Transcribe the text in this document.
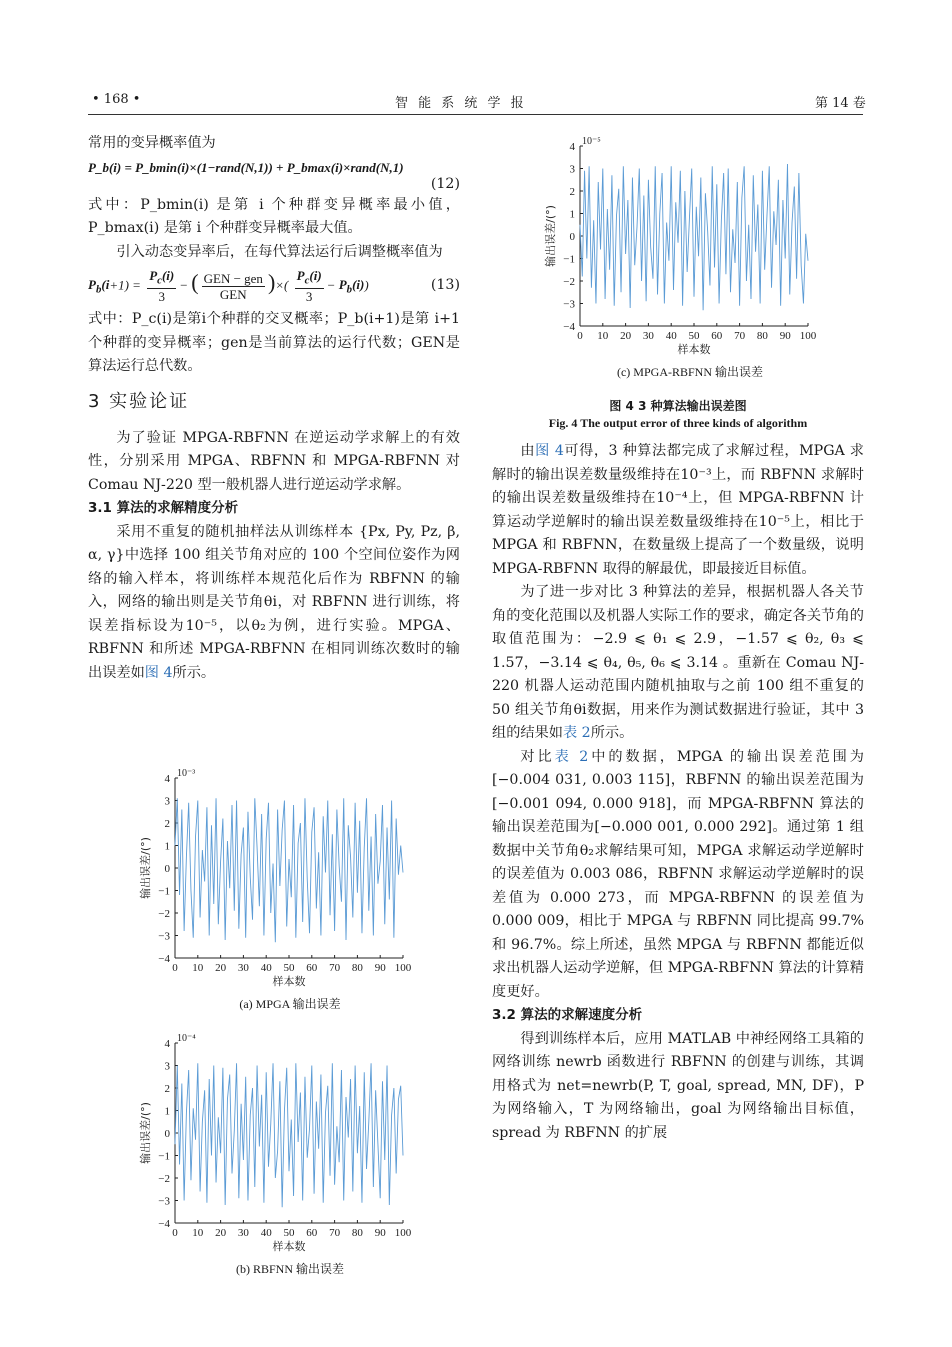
• 168 •	智 能 系 统 学 报	第 14 卷
常用的变异概率值为
P_b(i) = P_bmin(i)×(1−rand(N,1)) + P_bmax(i)×rand(N,1)
(12)
式中：P_bmin(i) 是第 i 个种群变异概率最小值，P_bmax(i) 是第 i 个种群变异概率最大值。
引入动态变异率后，在每代算法运行后调整概率值为
$P_b(i+1) = \frac{P_c(i)}{3}$ − ( $\frac{\text{GEN − gen}}{\text{GEN}}$ )×( $\frac{P_c(i)}{3} - P_b(i)$)	(13)
式中：P_c(i)是第i个种群的交叉概率；P_b(i+1)是第 i+1个种群的变异概率；gen是当前算法的运行代数；GEN是算法运行总代数。
3 实验论证
为了验证 MPGA-RBFNN 在逆运动学求解上的有效性，分别采用 MPGA、RBFNN 和 MPGA-RBFNN 对 Comau NJ-220 型一般机器人进行逆运动学求解。
3.1 算法的求解精度分析
采用不重复的随机抽样法从训练样本 {Px, Py, Pz, β, α, γ}中选择 100 组关节角对应的 100 个空间位姿作为网络的输入样本，将训练样本规范化后作为 RBFNN 的输入，网络的输出则是关节角θi，对 RBFNN 进行训练，将误差指标设为10⁻⁵，以θ₂为例，进行实验。MPGA、RBFNN 和所述 MPGA-RBFNN 在相同训练次数时的输出误差如图 4所示。
4
3
2
1
0
−1
−2
−3
−4
0 10 20 30 40 50 60 70 80 90 100
10⁻³
样本数
输出误差/(°)
(a) MPGA 输出误差
4
3
2
1
0
−1
−2
−3
−4
0 10 20 30 40 50 60 70 80 90 100
10⁻⁴
样本数
输出误差/(°)
(b) RBFNN 输出误差
4
3
2
1
0
−1
−2
−3
−4
0 10 20 30 40 50 60 70 80 90 100
10⁻⁵
样本数
输出误差/(°)
(c) MPGA-RBFNN 输出误差
图 4 3 种算法输出误差图
Fig. 4 The output error of three kinds of algorithm
由图 4可得，3 种算法都完成了求解过程，MPGA 求解时的输出误差数量级维持在10⁻³上，而 RBFNN 求解时的输出误差数量级维持在10⁻⁴上，但 MPGA-RBFNN 计算运动学逆解时的输出误差数量级维持在10⁻⁵上，相比于 MPGA 和 RBFNN，在数量级上提高了一个数量级，说明 MPGA-RBFNN 取得的解最优，即最接近目标值。
为了进一步对比 3 种算法的差异，根据机器人各关节角的变化范围以及机器人实际工作的要求，确定各关节角的取值范围为：−2.9 ⩽ θ₁ ⩽ 2.9，−1.57 ⩽ θ₂, θ₃ ⩽ 1.57，−3.14 ⩽ θ₄, θ₅, θ₆ ⩽ 3.14 。重新在 Comau NJ-220 机器人运动范围内随机抽取与之前 100 组不重复的 50 组关节角θi数据，用来作为测试数据进行验证，其中 3 组的结果如表 2所示。
对比表 2中的数据，MPGA 的输出误差范围为[−0.004 031, 0.003 115]，RBFNN 的输出误差范围为[−0.001 094, 0.000 918]，而 MPGA-RBFNN 算法的输出误差范围为[−0.000 001, 0.000 292]。通过第 1 组数据中关节角θ₂求解结果可知，MPGA 求解运动学逆解时的误差值为 0.003 086，RBFNN 求解运动学逆解时的误差值为 0.000 273，而 MPGA-RBFNN 的误差值为 0.000 009，相比于 MPGA 与 RBFNN 同比提高 99.7% 和 96.7%。综上所述，虽然 MPGA 与 RBFNN 都能近似求出机器人运动学逆解，但 MPGA-RBFNN 算法的计算精度更好。
3.2 算法的求解速度分析
得到训练样本后，应用 MATLAB 中神经网络工具箱的网络训练 newrb 函数进行 RBFNN 的创建与训练，其调用格式为 net=newrb(P, T, goal, spread, MN, DF)，P 为网络输入，T 为网络输出，goal 为网络输出目标值，spread 为 RBFNN 的扩展
